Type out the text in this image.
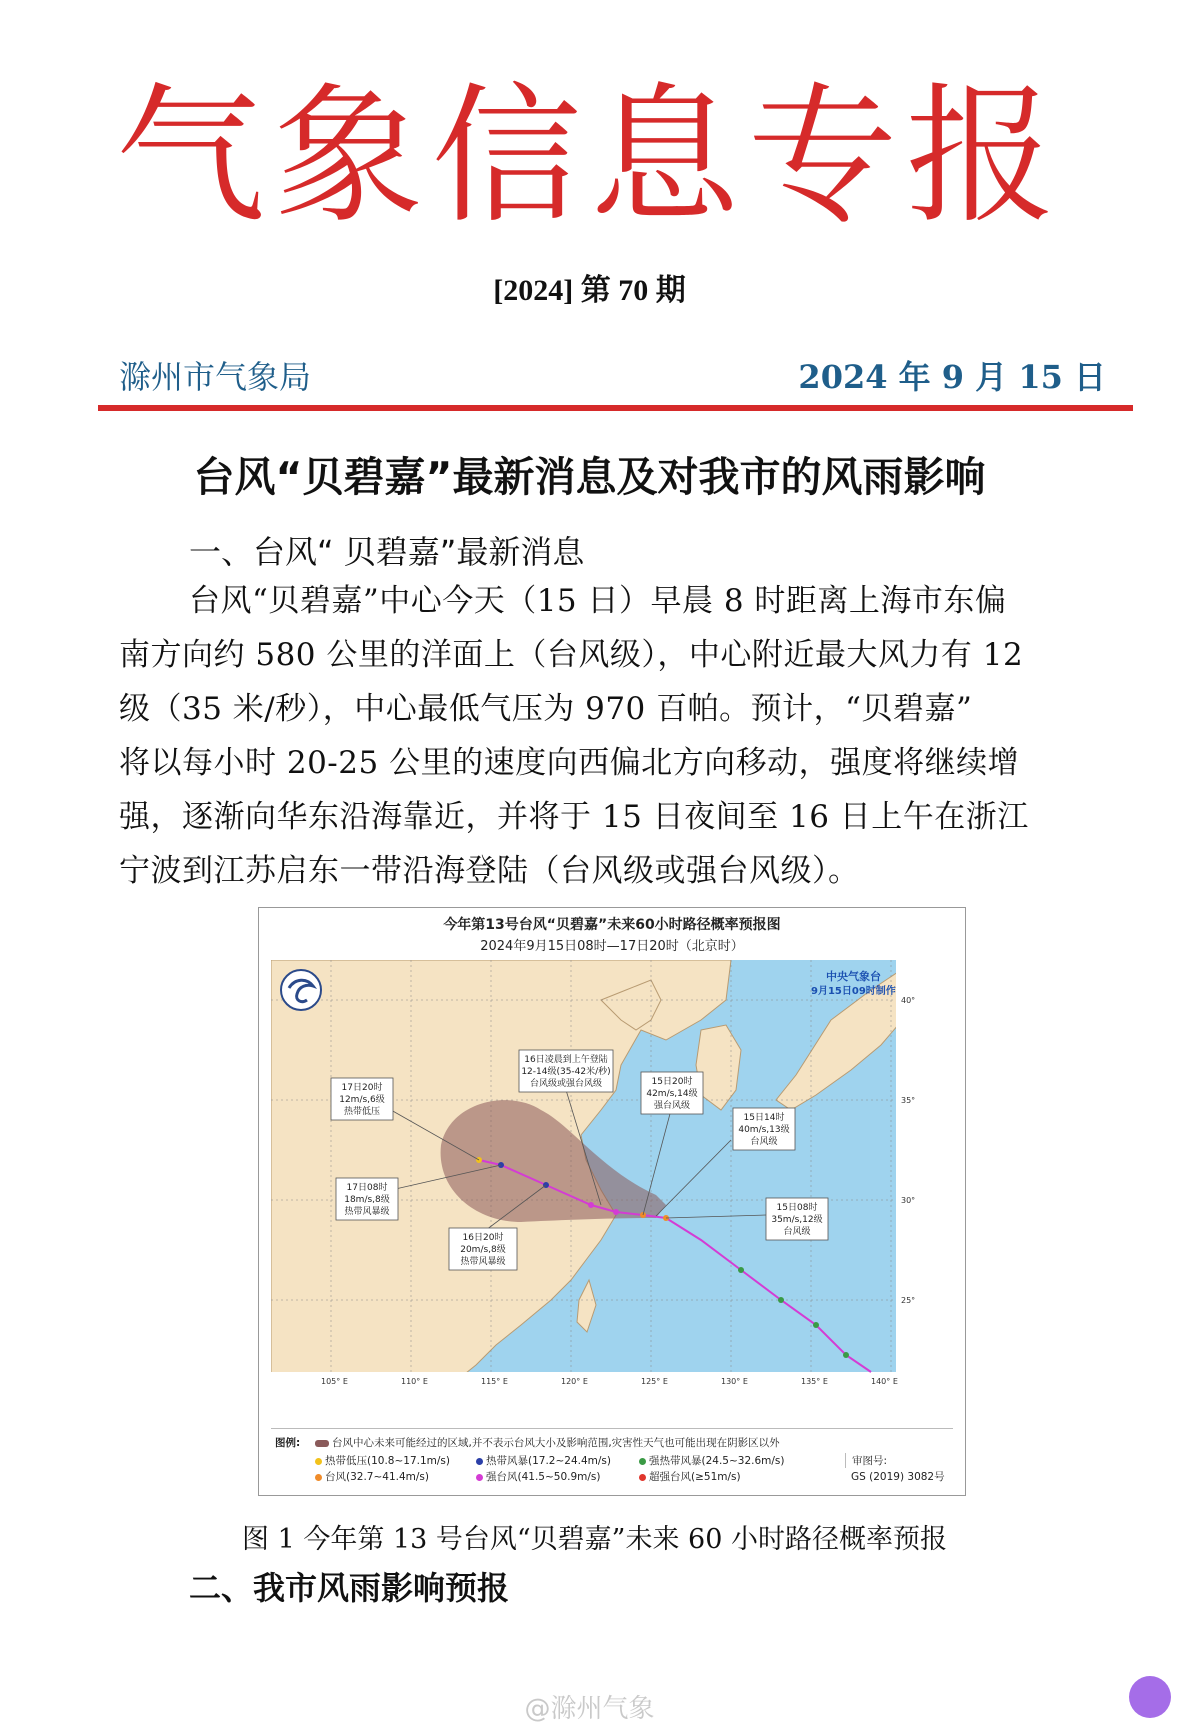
气象信息专报
[2024] 第 70 期
滁州市气象局	2024 年 9 月 15 日
台风“贝碧嘉”最新消息及对我市的风雨影响
一、台风“ 贝碧嘉”最新消息
台风“贝碧嘉”中心今天（15 日）早晨 8 时距离上海市东偏
南方向约 580 公里的洋面上（台风级），中心附近最大风力有 12
级（35 米/秒），中心最低气压为 970 百帕。预计，“贝碧嘉”
将以每小时 20-25 公里的速度向西偏北方向移动，强度将继续增
强，逐渐向华东沿海靠近，并将于 15 日夜间至 16 日上午在浙江
宁波到江苏启东一带沿海登陆（台风级或强台风级）。
今年第13号台风“贝碧嘉”未来60小时路径概率预报图
2024年9月15日08时—17日20时（北京时）
105° E	110° E	115° E	120° E	125° E	130° E	135° E	140° E
40°
35°
30°
25°
17日20时
12m/s,6级
热带低压
17日08时
18m/s,8级
热带风暴级
16日20时
20m/s,8级
热带风暴级
16日凌晨到上午登陆
12-14级(35-42米/秒)
台风级或强台风级	15日20时
42m/s,14级
强台风级
15日14时
40m/s,13级
台风级
15日08时
35m/s,12级
台风级
中央气象台
9月15日09时制作
图例:	台风中心未来可能经过的区域,并不表示台风大小及影响范围,灾害性天气也可能出现在阴影区以外
热带低压(10.8~17.1m/s)	热带风暴(17.2~24.4m/s)	强热带风暴(24.5~32.6m/s)
台风(32.7~41.4m/s)	强台风(41.5~50.9m/s)	超强台风(≥51m/s)
审图号:
GS (2019) 3082号
图 1 今年第 13 号台风“贝碧嘉”未来 60 小时路径概率预报
二、我市风雨影响预报
@滁州气象
